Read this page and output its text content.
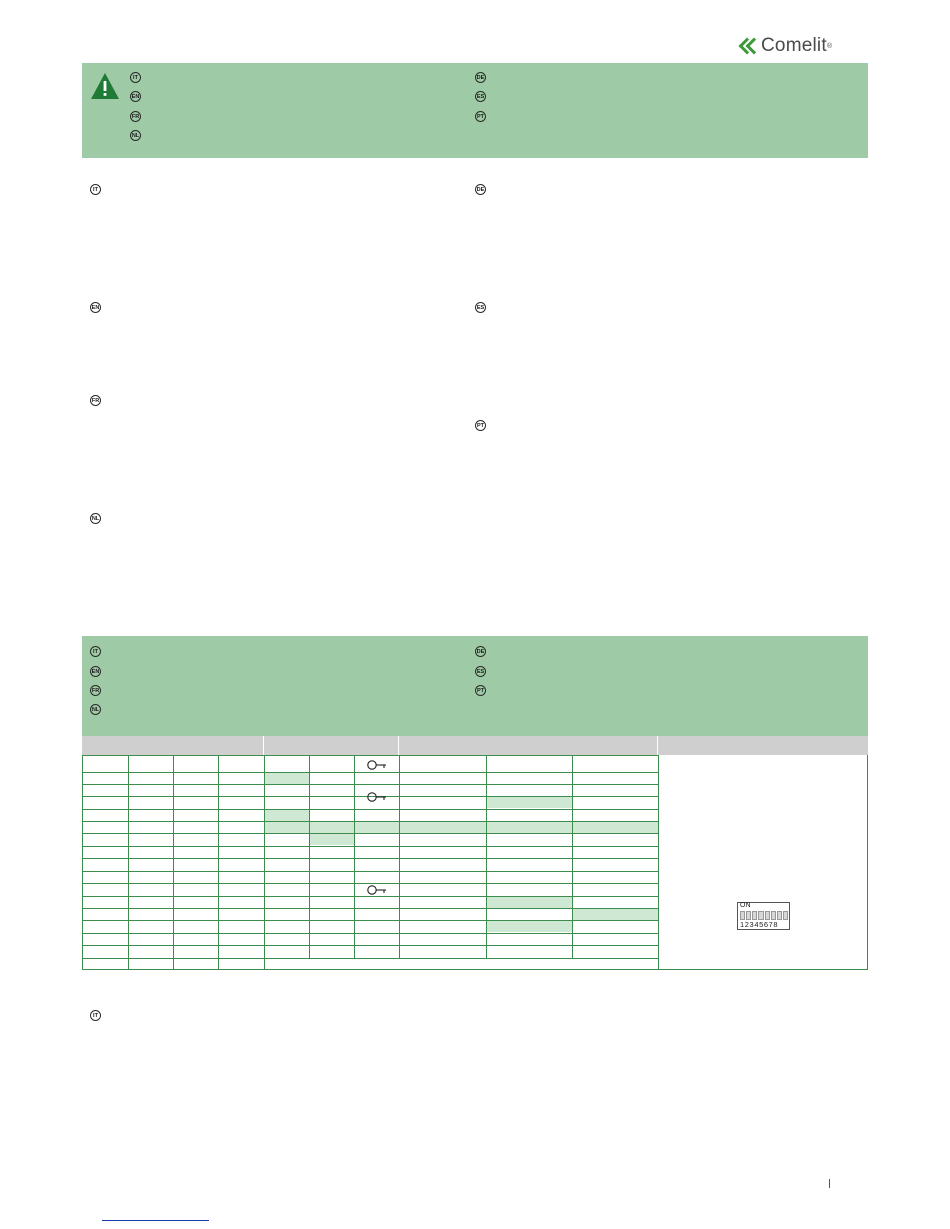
Comelit ®
IT
EN
FR
NL
DE
ES
PT
IT
EN
FR
NL
DE
ES
PT
IT
EN
FR
NL
DE
ES
PT
ON
12345678
IT
